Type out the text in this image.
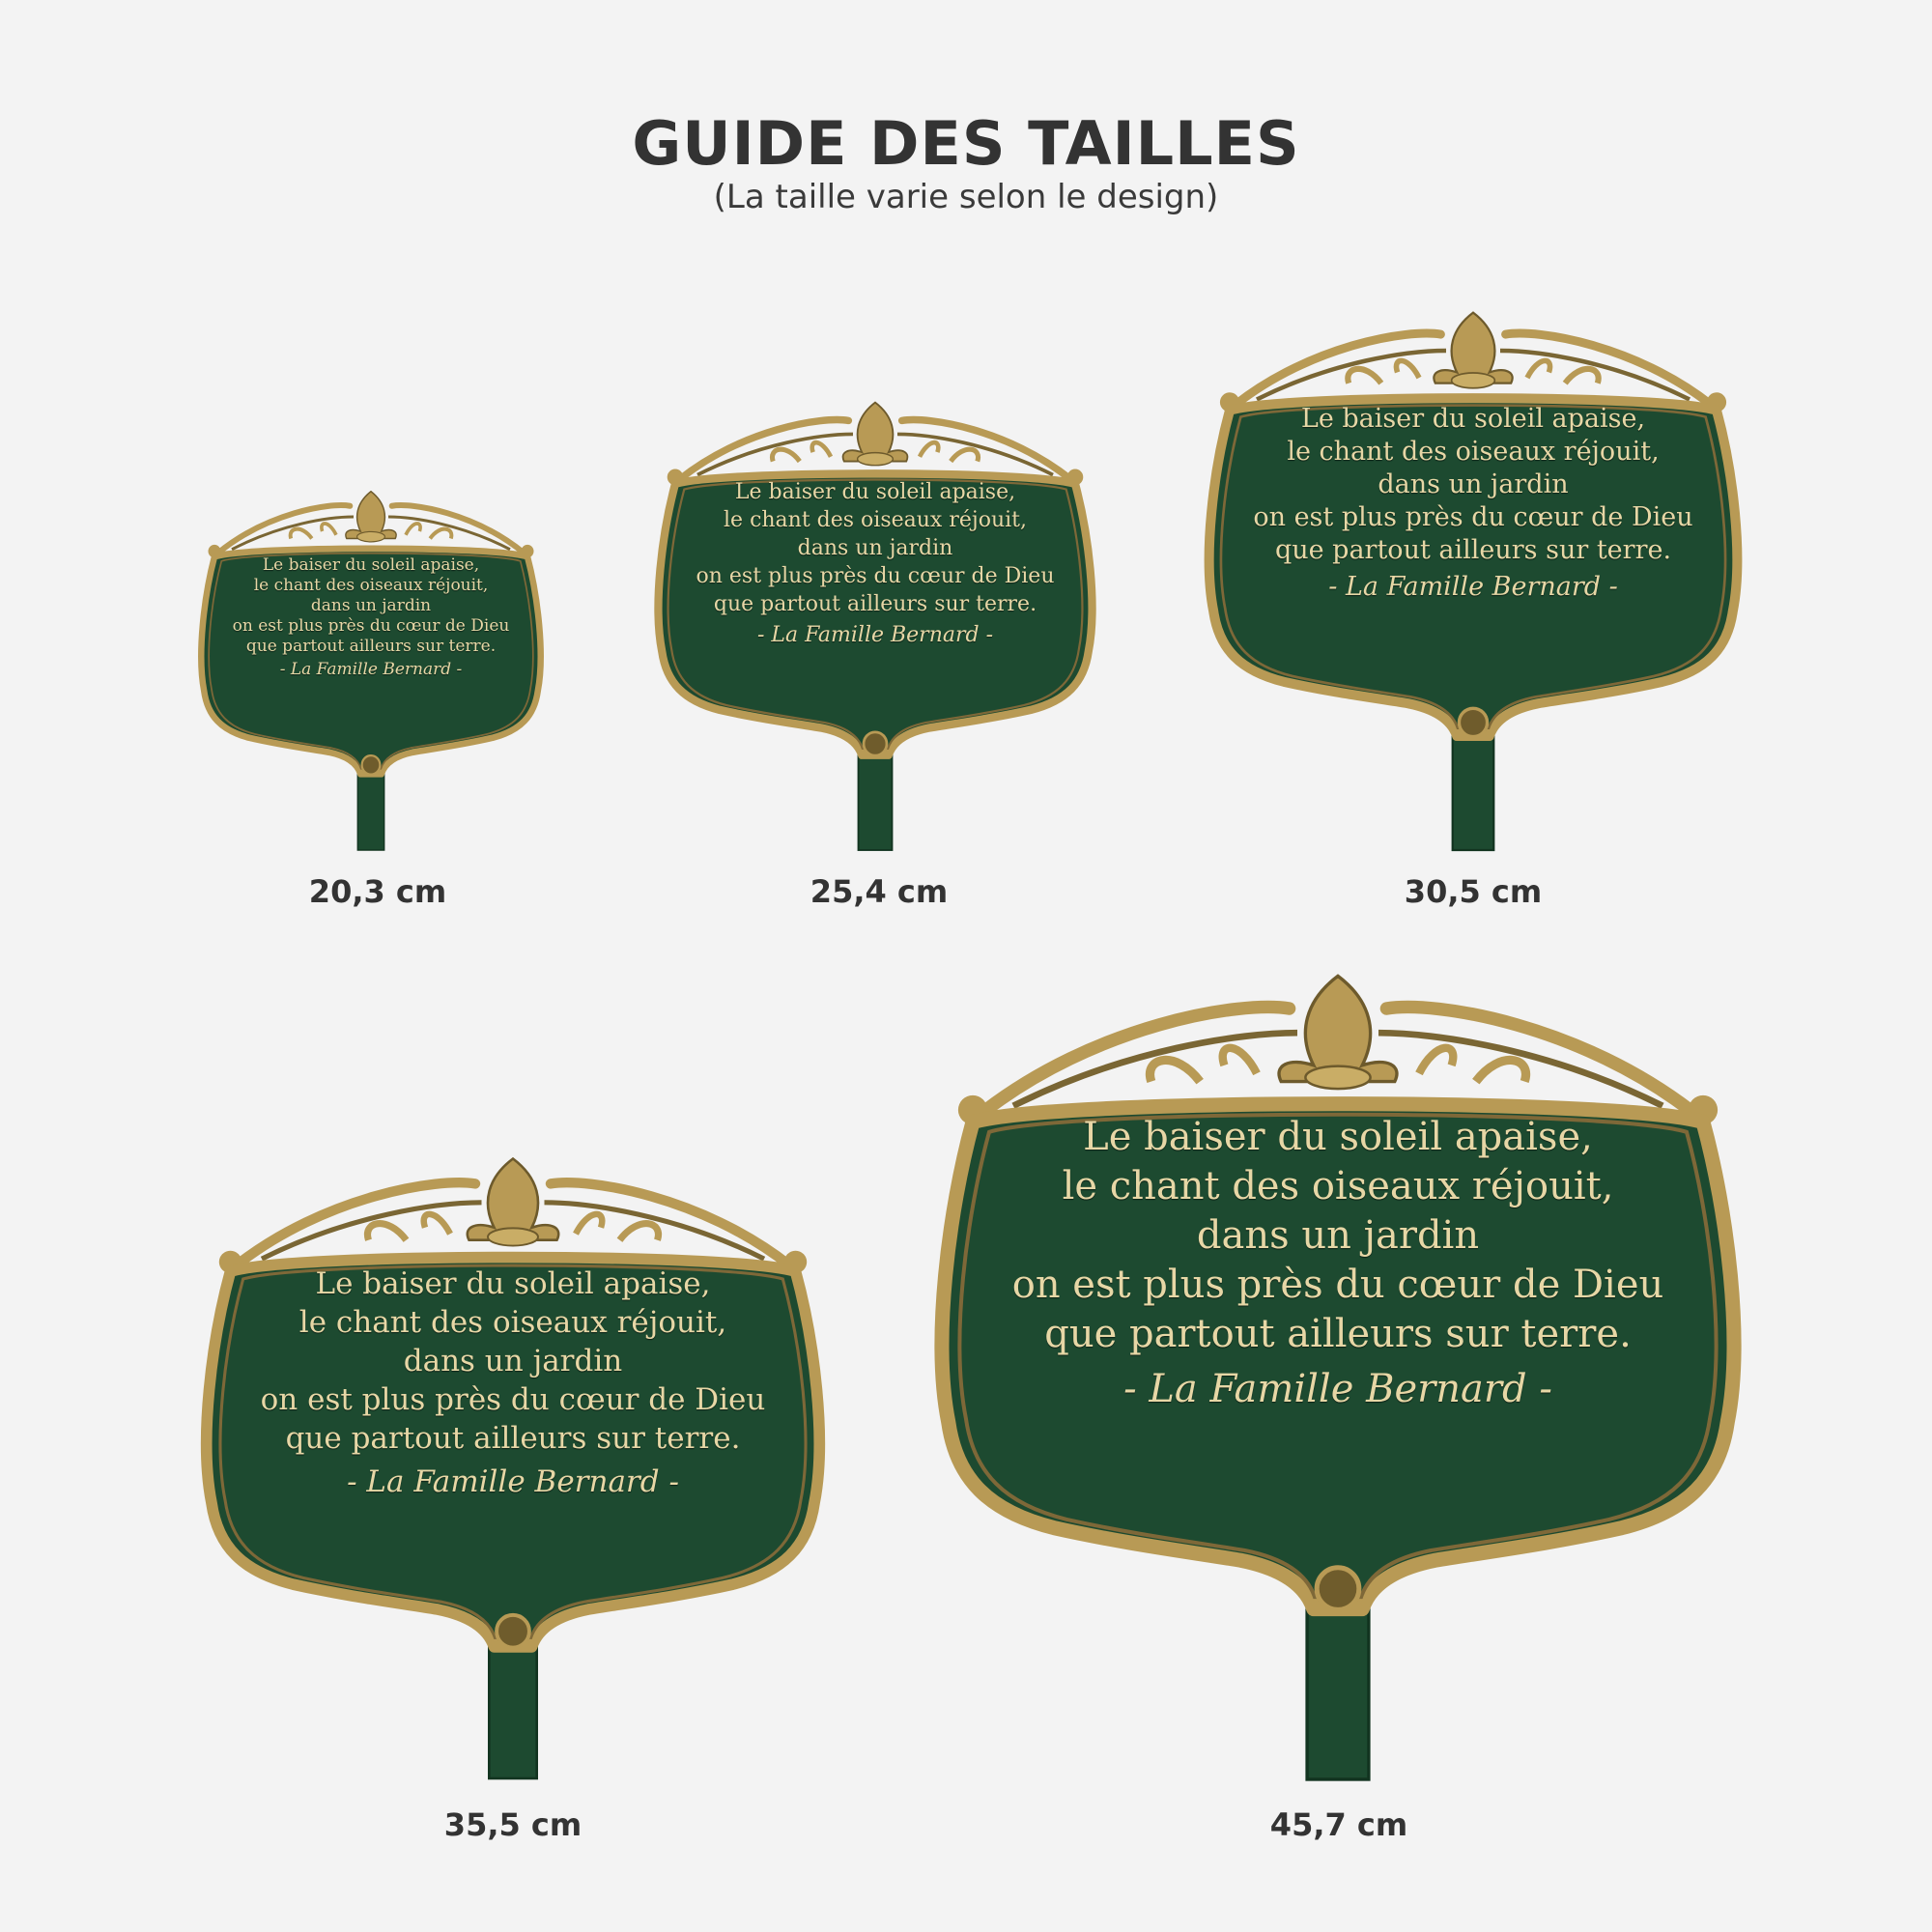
GUIDE DES TAILLES
(La taille varie selon le design)
Le baiser du soleil apaise,
le chant des oiseaux réjouit,
dans un jardin
on est plus près du cœur de Dieu
que partout ailleurs sur terre.
- La Famille Bernard -
20,3 cm
Le baiser du soleil apaise,
le chant des oiseaux réjouit,
dans un jardin
on est plus près du cœur de Dieu
que partout ailleurs sur terre.
- La Famille Bernard -
25,4 cm
Le baiser du soleil apaise,
le chant des oiseaux réjouit,
dans un jardin
on est plus près du cœur de Dieu
que partout ailleurs sur terre.
- La Famille Bernard -
30,5 cm
Le baiser du soleil apaise,
le chant des oiseaux réjouit,
dans un jardin
on est plus près du cœur de Dieu
que partout ailleurs sur terre.
- La Famille Bernard -
35,5 cm
Le baiser du soleil apaise,
le chant des oiseaux réjouit,
dans un jardin
on est plus près du cœur de Dieu
que partout ailleurs sur terre.
- La Famille Bernard -
45,7 cm
